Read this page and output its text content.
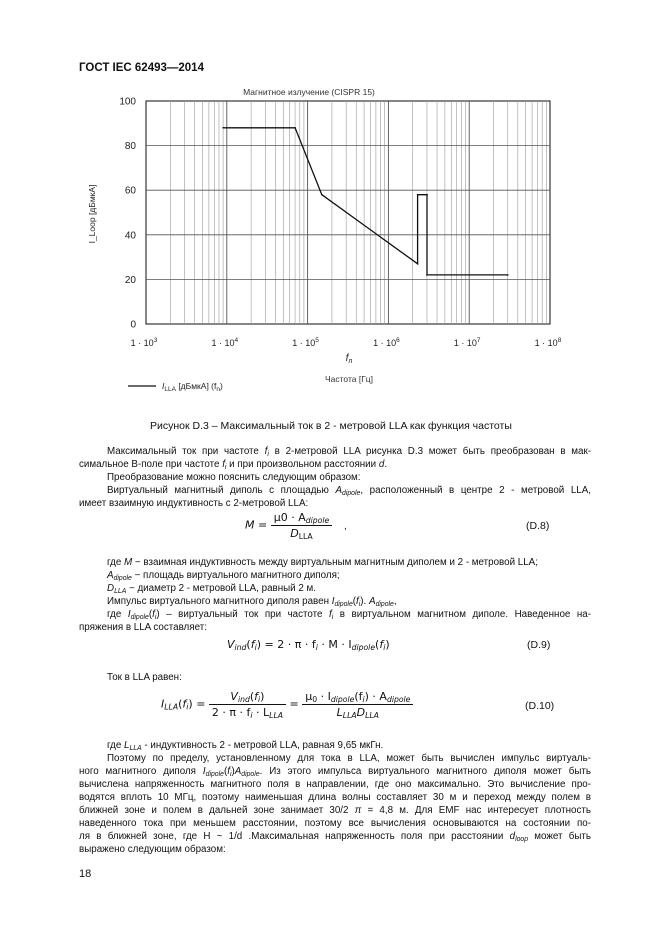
ГОСТ IEC 62493—2014
$1 \cdot 10^3$	$1 \cdot 10^4$	$1 \cdot 10^5$	$1 \cdot 10^6$	$1 \cdot 10^7$	$1 \cdot 10^8$
0
20
40
60
80
100
Магнитное излучение (CISPR 15)
I_Loop [дБмкА]
$f_n$
Частота [Гц]
$I_{LLA}$ [дБмкА] $(f_n)$
Рисунок D.3 – Максимальный ток в 2 - метровой LLA как функция частоты

Максимальный ток при частоте $f_i$ в 2-метровой LLA рисунка D.3 может быть преобразован в мак-

симальное В-поле при частоте $f_i$ и при произвольном расстоянии d.

Преобразование можно пояснить следующим образом:

Виртуальный магнитный диполь с площадью $A_{dipole}$, расположенный в центре 2 - метровой LLA,

имеет взаимную индуктивность с 2-метровой LLA:

$M = \frac{\mu 0 \cdot A_{dipole}}{D_{LLA}}$ ,	(D.8)

где M − взаимная индуктивность между виртуальным магнитным диполем и 2 - метровой LLA;

$A_{dipole}$ − площадь виртуального магнитного диполя;

$D_{LLA}$ − диаметр 2 - метровой LLA, равный 2 м.

Импульс виртуального магнитного диполя равен $I_{dipole}(f_i)$. $A_{dipole}$,

где $I_{dipole}(f_i)$ – виртуальный ток при частоте $f_i$ в виртуальном магнитном диполе. Наведенное на-

пряжения в LLA составляет:

$V_{ind}(f_i) = 2 \cdot \pi \cdot f_i \cdot M \cdot I_{dipole}(f_i)$	(D.9)

Ток в LLA равен:

$I_{LLA}(f_i) = \frac{V_{ind}(f_i)}{2 \cdot \pi \cdot f_i \cdot L_{LLA}} = \frac{\mu_0 \cdot I_{dipole}(f_i) \cdot A_{dipole}}{L_{LLA}D_{LLA}}$	(D.10)

где $L_{LLA}$ - индуктивность 2 - метровой LLA, равная 9,65 мкГн.

Поэтому по пределу, установленному для тока в LLA, может быть вычислен импульс виртуаль-

ного магнитного диполя $I_{dipole}(f_i)A_{dipole}$. Из этого импульса виртуального магнитного диполя может быть

вычислена напряженность магнитного поля в направлении, где оно максимально. Это вычисление про-

водятся вплоть 10 МГц, поэтому наименьшая длина волны составляет 30 м и переход между полем в

ближней зоне и полем в дальней зоне занимает 30/2 π = 4,8 м. Для EMF нас интересует плотность

наведенного тока при меньшем расстоянии, поэтому все вычисления основываются на состоянии по-

ля в ближней зоне, где Н ~ 1/d .Максимальная напряженность поля при расстоянии $d_{loop}$ может быть

выражено следующим образом:

18
